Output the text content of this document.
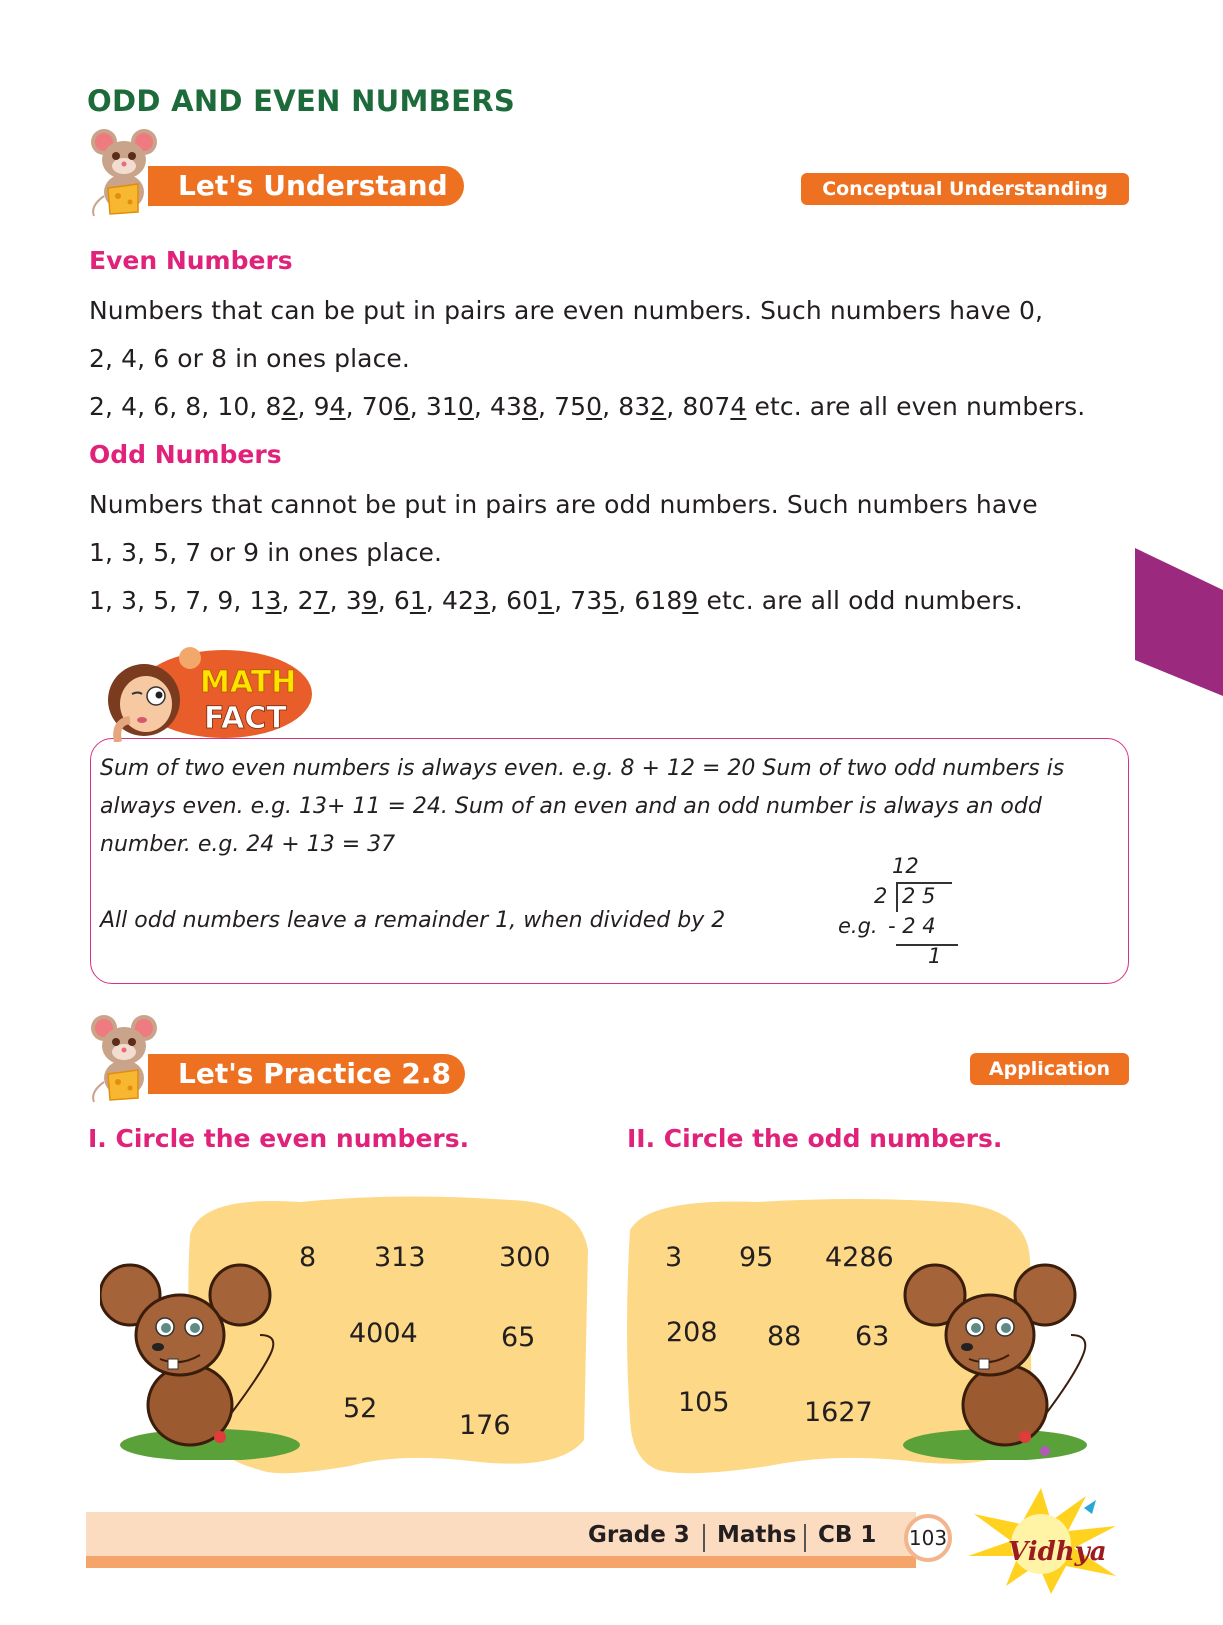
ODD AND EVEN NUMBERS
Let's Understand	Conceptual Understanding
Even Numbers
Numbers that can be put in pairs are even numbers. Such numbers have 0,
2, 4, 6 or 8 in ones place.
2, 4, 6, 8, 10, 82, 94, 706, 310, 438, 750, 832, 8074 etc. are all even numbers.
Odd Numbers
Numbers that cannot be put in pairs are odd numbers. Such numbers have
1, 3, 5, 7 or 9 in ones place.
1, 3, 5, 7, 9, 13, 27, 39, 61, 423, 601, 735, 6189 etc. are all odd numbers.
MATH
FACT
Sum of two even numbers is always even. e.g. 8 + 12 = 20 Sum of two odd numbers is
always even. e.g. 13+ 11 = 24. Sum of an even and an odd number is always an odd
number. e.g. 24 + 13 = 37
All odd numbers leave a remainder 1, when divided by 2
12
2 2 5
e.g. - 2 4
1
Let's Practice 2.8	Application
I. Circle the even numbers.	II. Circle the odd numbers.
8 313	300
4004	65
52
176
3 95 4286
208 88 63
105	1627
Grade 3 Maths CB 1 103 Vidhya
